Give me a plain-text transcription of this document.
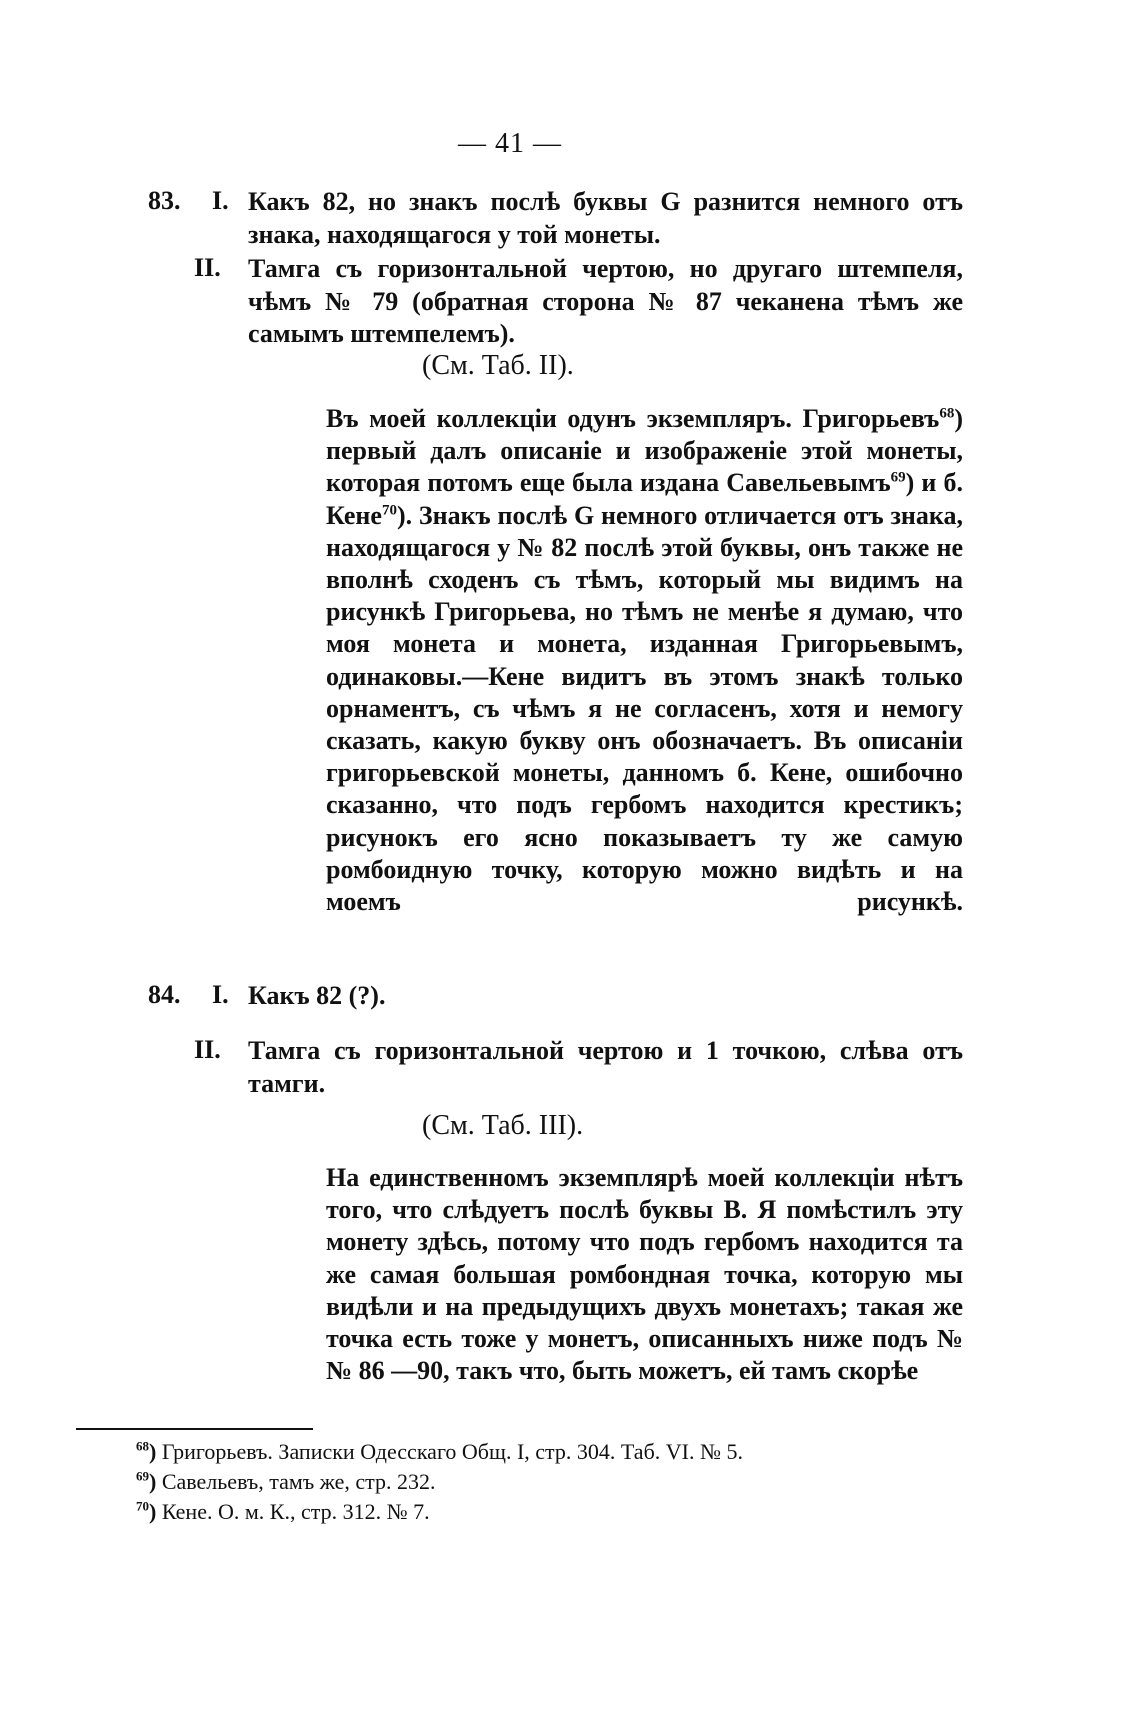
— 41 —
83. I. Какъ 82, но знакъ послѣ буквы G разнится немного отъ знака, находящагося у той монеты.
II. Тамга съ горизонтальной чертою, но другаго штемпеля, чѣмъ № 79 (обратная сторона № 87 чеканена тѣмъ же самымъ штемпелемъ).
(См. Таб. II).
Въ моей коллекціи одунъ экземпляръ. Григорьевъ$^{68}$) первый далъ описаніе и изображеніе этой монеты, которая потомъ еще была издана Савельевымъ$^{69}$) и б. Кене$^{70}$). Знакъ послѣ G немного отличается отъ знака, находящагося у № 82 послѣ этой буквы, онъ также не вполнѣ сходенъ съ тѣмъ, который мы видимъ на рисункѣ Григорьева, но тѣмъ не менѣе я думаю, что моя монета и монета, изданная Григорьевымъ, одинаковы.—Кене видитъ въ этомъ знакѣ только орнаментъ, съ чѣмъ я не согласенъ, хотя и немогу сказать, какую букву онъ обозначаетъ. Въ описаніи григорьевской монеты, данномъ б. Кене, ошибочно сказанно, что подъ гербомъ находится крестикъ; рисунокъ его ясно показываетъ ту же самую ромбоидную точку, которую можно видѣть и на моемъ рисункѣ.
84. I. Какъ 82 (?).
II. Тамга съ горизонтальной чертою и 1 точкою, слѣва отъ тамги.
(См. Таб. III).
На единственномъ экземплярѣ моей коллекціи нѣтъ того, что слѣдуетъ послѣ буквы В. Я помѣстилъ эту монету здѣсь, потому что подъ гербомъ находится та же самая большая ромбондная точка, которую мы видѣли и на предыдущихъ двухъ монетахъ; такая же точка есть тоже у монетъ, описанныхъ ниже подъ №№ 86 —90, такъ что, быть можетъ, ей тамъ скорѣе
$^{68}$) Григорьевъ. Записки Одесскаго Общ. I, стр. 304. Таб. VI. № 5.
$^{69}$) Савельевъ, тамъ же, стр. 232.
$^{70}$) Кене. О. м. К., стр. 312. № 7.
